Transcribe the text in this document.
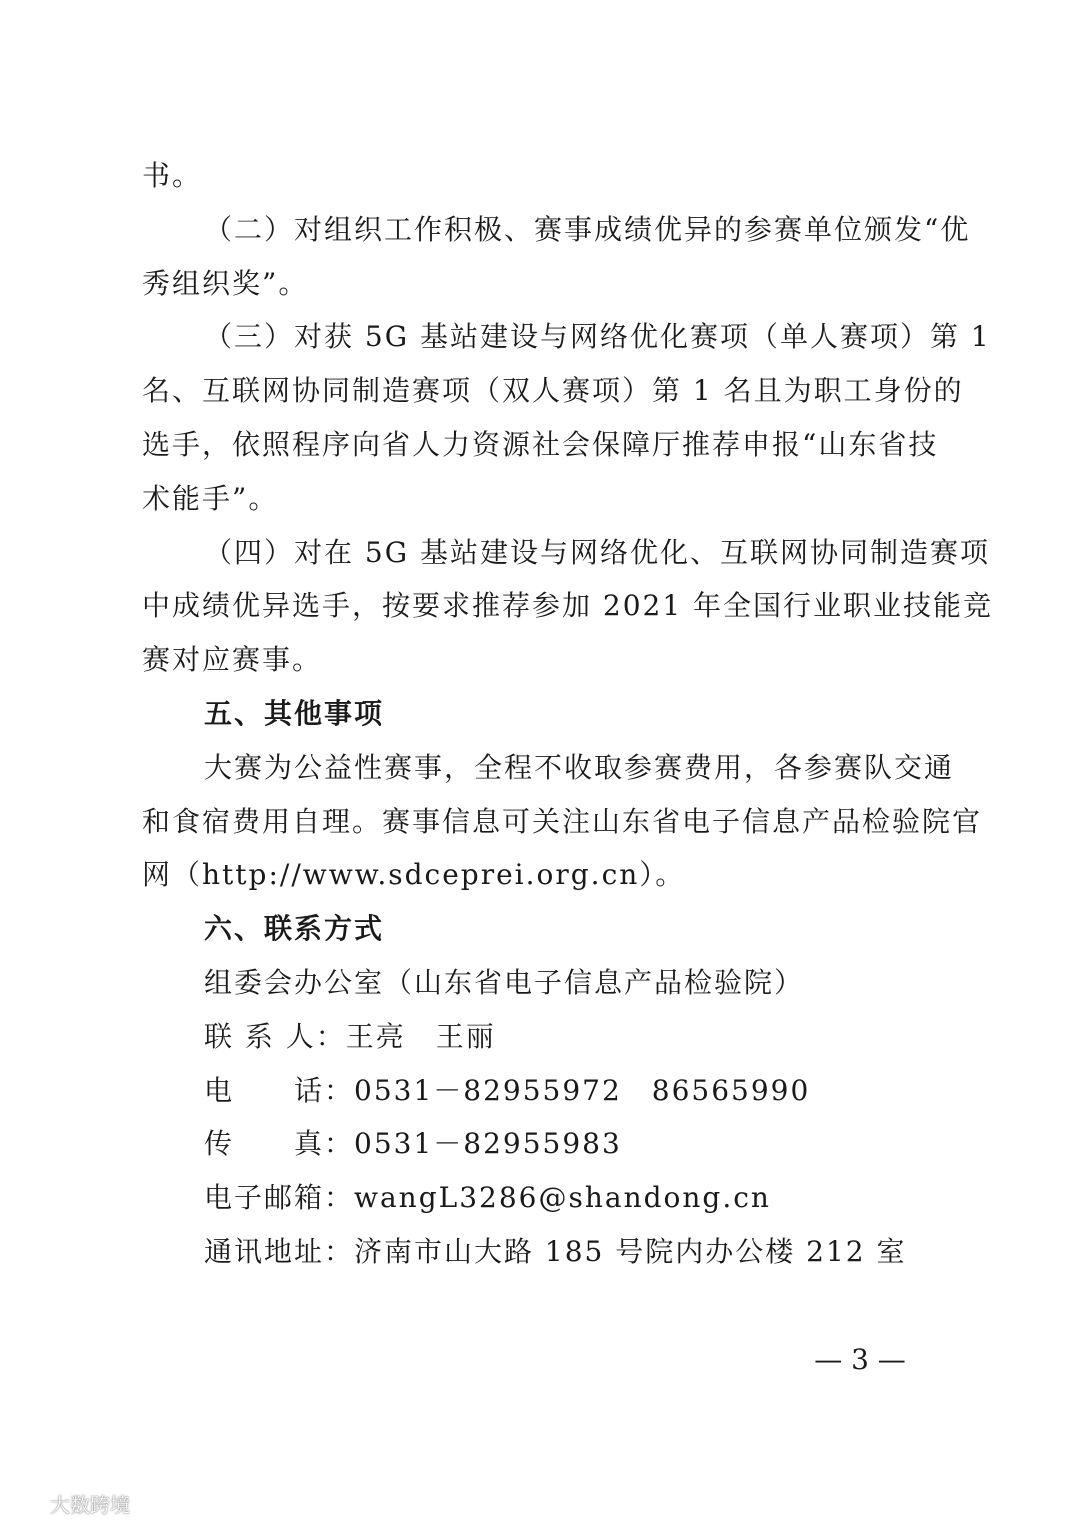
书。
（二）对组织工作积极、赛事成绩优异的参赛单位颁发“优
秀组织奖”。
（三）对获 5G 基站建设与网络优化赛项（单人赛项）第 1
名、互联网协同制造赛项（双人赛项）第 1 名且为职工身份的
选手，依照程序向省人力资源社会保障厅推荐申报“山东省技
术能手”。
（四）对在 5G 基站建设与网络优化、互联网协同制造赛项
中成绩优异选手，按要求推荐参加 2021 年全国行业职业技能竞
赛对应赛事。
五、其他事项
大赛为公益性赛事，全程不收取参赛费用，各参赛队交通
和食宿费用自理。赛事信息可关注山东省电子信息产品检验院官
网（http://www.sdceprei.org.cn）。
六、联系方式
组委会办公室（山东省电子信息产品检验院）
联 系 人：王亮　王丽
电　　话：0531－82955972　86565990
传　　真：0531－82955983
电子邮箱：wangL3286@shandong.cn
通讯地址：济南市山大路 185 号院内办公楼 212 室
— 3 —
大数跨境
